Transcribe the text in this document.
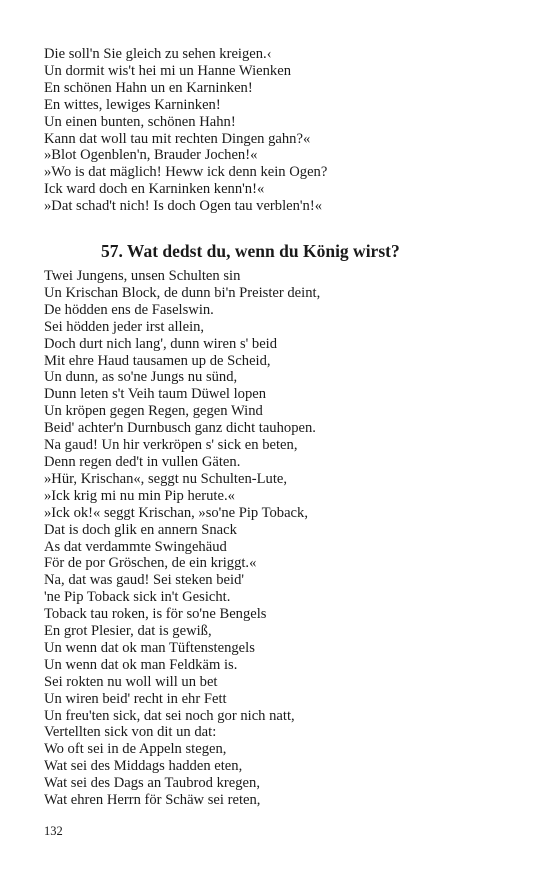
Die soll'n Sie gleich zu sehen kreigen.‹
Un dormit wis't hei mi un Hanne Wienken
En schönen Hahn un en Karninken!
En wittes, lewiges Karninken!
Un einen bunten, schönen Hahn!
Kann dat woll tau mit rechten Dingen gahn?«
»Blot Ogenblen'n, Brauder Jochen!«
»Wo is dat mäglich! Heww ick denn kein Ogen?
Ick ward doch en Karninken kenn'n!«
»Dat schad't nich! Is doch Ogen tau verblen'n!«
57. Wat dedst du, wenn du König wirst?
Twei Jungens, unsen Schulten sin
Un Krischan Block, de dunn bi'n Preister deint,
De hödden ens de Faselswin.
Sei hödden jeder irst allein,
Doch durt nich lang', dunn wiren s' beid
Mit ehre Haud tausamen up de Scheid,
Un dunn, as so'ne Jungs nu sünd,
Dunn leten s't Veih taum Düwel lopen
Un kröpen gegen Regen, gegen Wind
Beid' achter'n Durnbusch ganz dicht tauhopen.
Na gaud! Un hir verkröpen s' sick en beten,
Denn regen ded't in vullen Gäten.
»Hür, Krischan«, seggt nu Schulten-Lute,
»Ick krig mi nu min Pip herute.«
»Ick ok!« seggt Krischan, »so'ne Pip Toback,
Dat is doch glik en annern Snack
As dat verdammte Swingehäud
För de por Gröschen, de ein kriggt.«
Na, dat was gaud! Sei steken beid'
'ne Pip Toback sick in't Gesicht.
Toback tau roken, is för so'ne Bengels
En grot Plesier, dat is gewiß,
Un wenn dat ok man Tüftenstengels
Un wenn dat ok man Feldkäm is.
Sei rokten nu woll will un bet
Un wiren beid' recht in ehr Fett
Un freu'ten sick, dat sei noch gor nich natt,
Vertellten sick von dit un dat:
Wo oft sei in de Appeln stegen,
Wat sei des Middags hadden eten,
Wat sei des Dags an Taubrod kregen,
Wat ehren Herrn för Schäw sei reten,
132
